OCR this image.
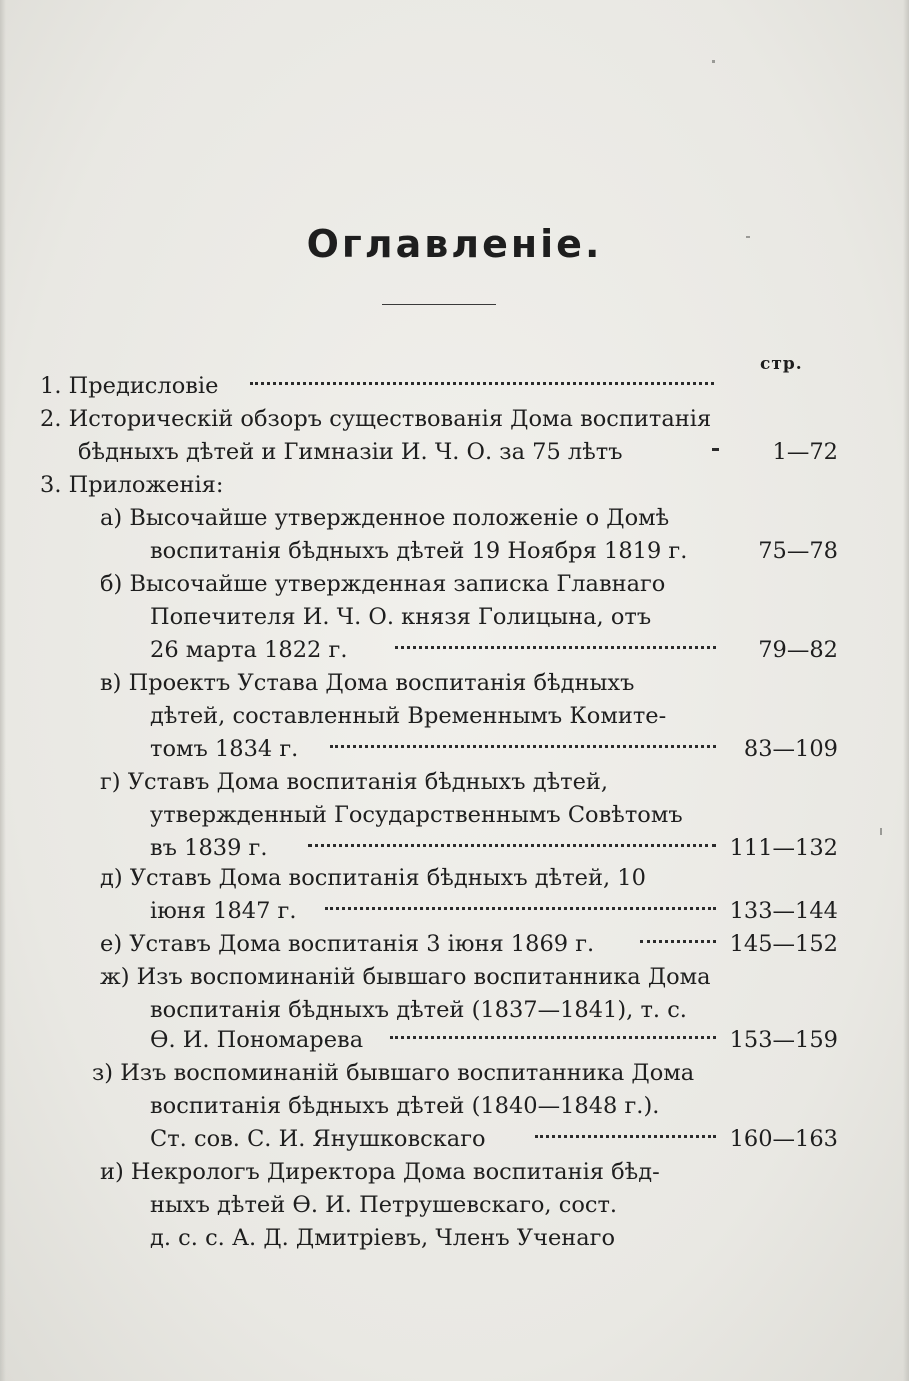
Оглавленіе.
стр.
1. Предисловіе
2. Историческій обзоръ существованія Дома воспитанія
бѣдныхъ дѣтей и Гимназіи И. Ч. О. за 75 лѣтъ	1—72
3. Приложенія:
а) Высочайше утвержденное положеніе о Домѣ
воспитанія бѣдныхъ дѣтей 19 Ноября 1819 г.	75—78
б) Высочайше утвержденная записка Главнаго
Попечителя И. Ч. О. князя Голицына, отъ
26 марта 1822 г.	79—82
в) Проектъ Устава Дома воспитанія бѣдныхъ
дѣтей, составленный Временнымъ Комите-
томъ 1834 г.	83—109
г) Уставъ Дома воспитанія бѣдныхъ дѣтей,
утвержденный Государственнымъ Совѣтомъ
въ 1839 г.	111—132
д) Уставъ Дома воспитанія бѣдныхъ дѣтей, 10
іюня 1847 г.	133—144
е) Уставъ Дома воспитанія 3 іюня 1869 г.	145—152
ж) Изъ воспоминаній бывшаго воспитанника Дома
воспитанія бѣдныхъ дѣтей (1837—1841), т. с.
Ѳ. И. Пономарева	153—159
з) Изъ воспоминаній бывшаго воспитанника Дома
воспитанія бѣдныхъ дѣтей (1840—1848 г.).
Ст. сов. С. И. Янушковскаго	160—163
и) Некрологъ Директора Дома воспитанія бѣд-
ныхъ дѣтей Ѳ. И. Петрушевскаго, сост.
д. с. с. А. Д. Дмитріевъ, Членъ Ученаго
